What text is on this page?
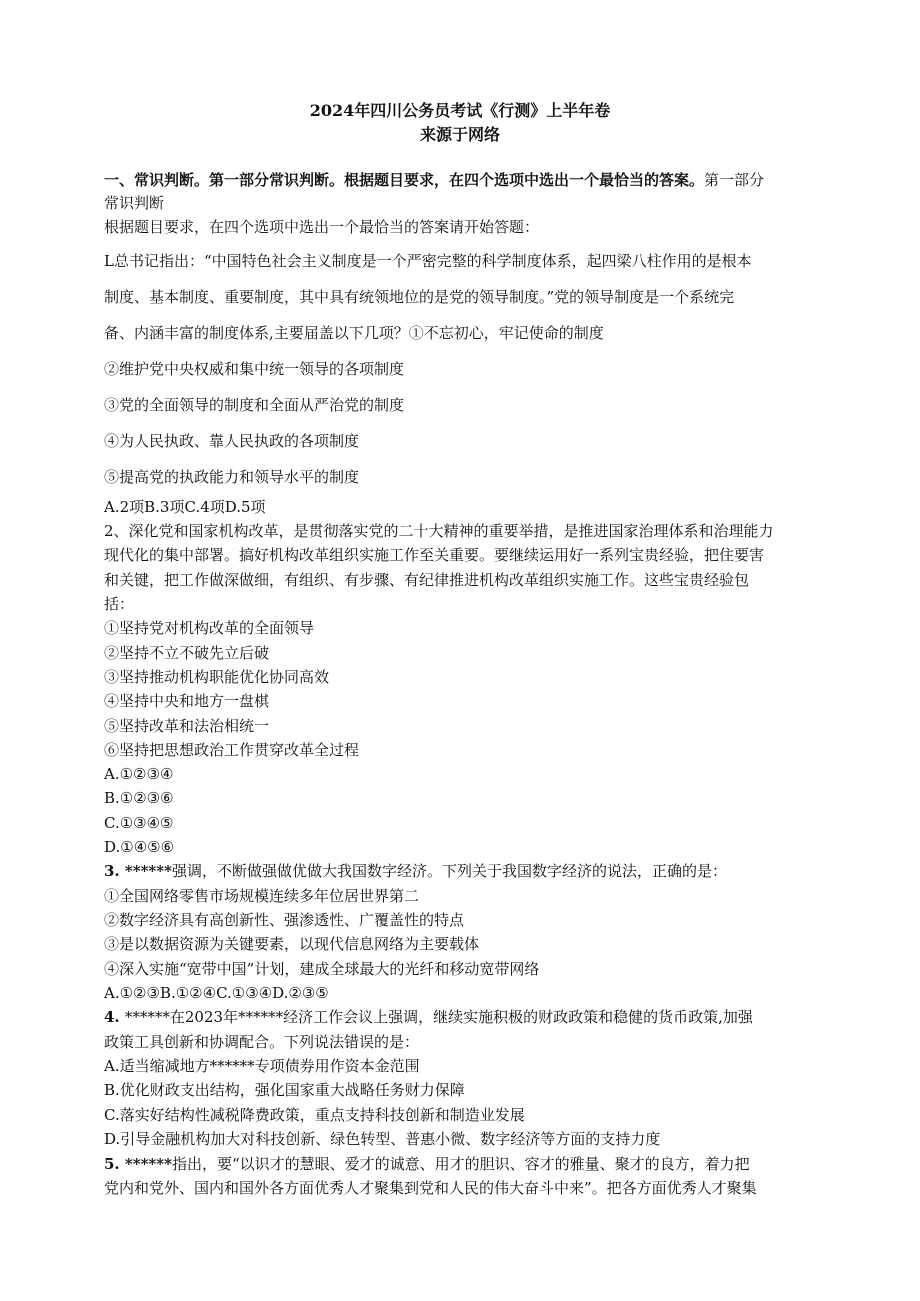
2024年四川公务员考试《行测》上半年卷
来源于网络
一、常识判断。第一部分常识判断。根据题目要求，在四个选项中选出一个最恰当的答案。第一部分
常识判断
根据题目要求，在四个选项中选出一个最恰当的答案请开始答题：
L总书记指出：“中国特色社会主义制度是一个严密完整的科学制度体系，起四梁八柱作用的是根本
制度、基本制度、重要制度，其中具有统领地位的是党的领导制度。”党的领导制度是一个系统完
备、内涵丰富的制度体系,主要届盖以下几项？①不忘初心，牢记使命的制度
②维护党中央权威和集中统一领导的各项制度
③党的全面领导的制度和全面从严治党的制度
④为人民执政、靠人民执政的各项制度
⑤提高党的执政能力和领导水平的制度
A.2项B.3项C.4项D.5项
2、深化党和国家机构改革，是贯彻落实党的二十大精神的重要举措，是推进国家治理体系和治理能力
现代化的集中部署。搞好机构改革组织实施工作至关重要。要继续运用好一系列宝贵经验，把住要害
和关键，把工作做深做细，有组织、有步骤、有纪律推进机构改革组织实施工作。这些宝贵经验包
括：
①坚持党对机构改革的全面领导
②坚持不立不破先立后破
③坚持推动机构职能优化协同高效
④坚持中央和地方一盘棋
⑤坚持改革和法治相统一
⑥坚持把思想政治工作贯穿改革全过程
A.①②③④
B.①②③⑥
C.①③④⑤
D.①④⑤⑥
3. ******强调，不断做强做优做大我国数字经济。下列关于我国数字经济的说法，正确的是：
①全国网络零售市场规模连续多年位居世界第二
②数字经济具有高创新性、强渗透性、广覆盖性的特点
③是以数据资源为关键要素，以现代信息网络为主要载体
④深入实施“宽带中国”计划，建成全球最大的光纤和移动宽带网络
A.①②③B.①②④C.①③④D.②③⑤
4. ******在2023年******经济工作会议上强调，继续实施积极的财政政策和稳健的货币政策,加强
政策工具创新和协调配合。下列说法错误的是：
A.适当缩减地方******专项债券用作资本金范围
B.优化财政支出结构，强化国家重大战略任务财力保障
C.落实好结构性减税降费政策，重点支持科技创新和制造业发展
D.引导金融机构加大对科技创新、绿色转型、普惠小微、数字经济等方面的支持力度
5. ******指出，要“以识才的慧眼、爱才的诚意、用才的胆识、容才的雅量、聚才的良方，着力把
党内和党外、国内和国外各方面优秀人才聚集到党和人民的伟大奋斗中来”。把各方面优秀人才聚集
